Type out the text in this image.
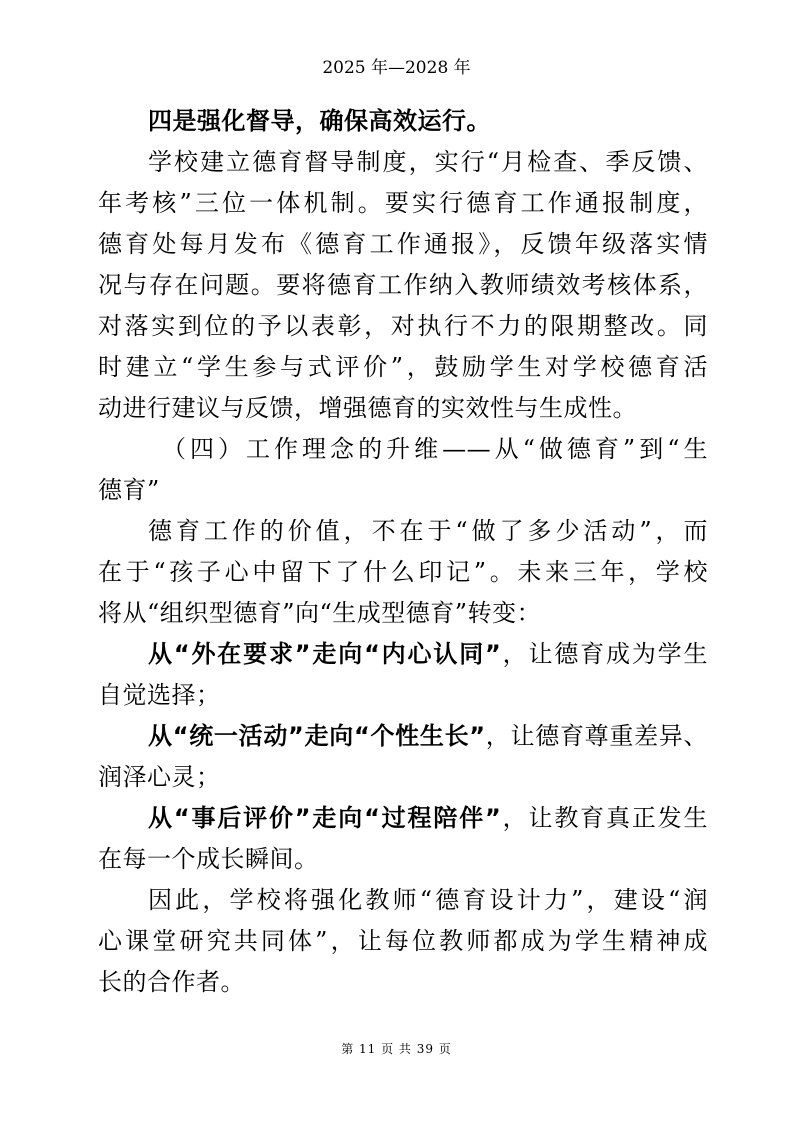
2025 年—2028 年
四是强化督导，确保高效运行。
学校建立德育督导制度，实行“月检查、季反馈、
年考核”三位一体机制。要实行德育工作通报制度，
德育处每月发布《德育工作通报》，反馈年级落实情
况与存在问题。要将德育工作纳入教师绩效考核体系，
对落实到位的予以表彰，对执行不力的限期整改。同
时建立“学生参与式评价”，鼓励学生对学校德育活
动进行建议与反馈，增强德育的实效性与生成性。
（四）工作理念的升维——从“做德育”到“生
德育”
德育工作的价值，不在于“做了多少活动”，而
在于“孩子心中留下了什么印记”。未来三年，学校
将从“组织型德育”向“生成型德育”转变：
从“外在要求”走向“内心认同”，让德育成为学生
自觉选择；
从“统一活动”走向“个性生长”，让德育尊重差异、
润泽心灵；
从“事后评价”走向“过程陪伴”，让教育真正发生
在每一个成长瞬间。
因此，学校将强化教师“德育设计力”，建设“润
心课堂研究共同体”，让每位教师都成为学生精神成
长的合作者。
第 11 页 共 39 页
